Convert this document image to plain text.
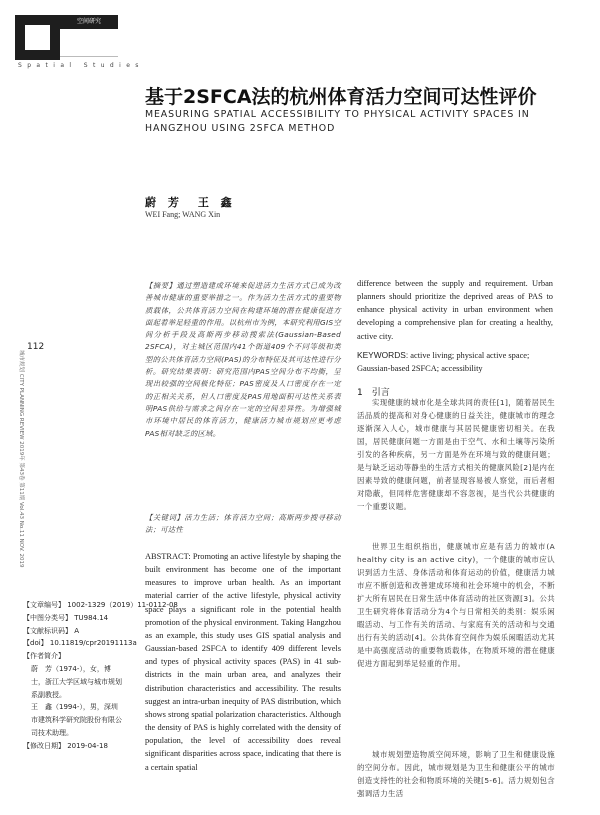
空间研究
Spatial Studies
基于2SFCA法的杭州体育活力空间可达性评价
MEASURING SPATIAL ACCESSIBILITY TO PHYSICAL ACTIVITY SPACES IN HANGZHOU USING 2SFCA METHOD
蔚 芳　王 鑫
WEI Fang; WANG Xin
112
城市规划 CITY PLANNING REVIEW 2019年 第43卷 第11期 Vol.43 No.11 NOV. 2019
【文章编号】 1002-1329（2019）11-0112-08
【中图分类号】 TU984.14
【文献标识码】 A
【doi】 10.11819/cpr20191113a
【作者简介】
蔚　芳（1974-），女，博士，浙江大学区域与城市规划系副教授。
王　鑫（1994-），男，深圳市建筑科学研究院股份有限公司技术助理。
【修改日期】 2019-04-18
【摘要】通过塑造建成环境来促进活力生活方式已成为改善城市健康的重要举措之一。作为活力生活方式的重要物质载体，公共体育活力空间在构建环境的潜在健康促进方面起着举足轻重的作用。以杭州市为例，本研究利用GIS空间分析手段及高斯两步移动搜索法(Gaussian-Based 2SFCA)，对主城区范围内41个街道409个不同等级和类型的公共体育活力空间(PAS)的分布特征及其可达性进行分析。研究结果表明：研究范围内PAS空间分布不均衡，呈现出较强的空间极化特征；PAS密度及人口密度存在一定的正相关关系，但人口密度及PAS用地面积可达性关系表明PAS供给与需求之间存在一定的空间差异性。为增强城市环境中居民的体育活力，健康活力城市规划应更考虑PAS相对缺乏的区域。
【关键词】活力生活；体育活力空间；高斯两步搜寻移动法；可达性
ABSTRACT: Promoting an active lifestyle by shaping the built environment has become one of the important measures to improve urban health. As an important material carrier of the active lifestyle, physical activity space plays a significant role in the potential health promotion of the physical environment. Taking Hangzhou as an example, this study uses GIS spatial analysis and Gaussian-based 2SFCA to identify 409 different levels and types of physical activity spaces (PAS) in 41 sub-districts in the main urban area, and analyzes their distribution characteristics and accessibility. The results suggest an intra-urban inequity of PAS distribution, which shows strong spatial polarization characteristics. Although the density of PAS is highly correlated with the density of population, the level of accessibility does reveal significant disparities across space, indicating that there is a certain spatial
difference between the supply and requirement. Urban planners should prioritize the deprived areas of PAS to enhance physical activity in urban environment when developing a comprehensive plan for creating a healthy, active city.
KEYWORDS: active living; physical active space; Gaussian-based 2SFCA; accessibility
1　引言
实现健康的城市化是全球共同的责任[1]，随着居民生活品质的提高和对身心健康的日益关注，健康城市的理念逐渐深入人心，城市健康与其居民健康密切相关。在我国，居民健康问题一方面是由于空气、水和土壤等污染所引发的各种疾病，另一方面是外在环境与致的健康问题；是与缺乏运动等静坐的生活方式相关的健康风险[2]是内在因素导致的健康问题，前者显现容易被人察觉，而后者相对隐蔽，但同样危害健康却不容忽视，是当代公共健康的一个重要议题。
世界卫生组织指出，健康城市应是有活力的城市(A healthy city is an active city)，一个健康的城市应认识到活力生活、身体活动和体育运动的价值，健康活力城市应不断创造和改善建成环境和社会环境中的机会，不断扩大所有居民在日常生活中体育活动的社区资源[3]。公共卫生研究将体育活动分为4个与日常相关的类别：娱乐闲暇活动、与工作有关的活动、与家庭有关的活动和与交通出行有关的活动[4]。公共体育空间作为娱乐闲暇活动尤其是中高强度活动的重要物质载体，在物质环境的潜在健康促进方面起到举足轻重的作用。
城市规划塑造物质空间环境，影响了卫生和健康设施的空间分布。因此，城市规划是为卫生和健康公平的城市创造支持性的社会和物质环境的关键[5-6]。活力规划包含强调活力生活
